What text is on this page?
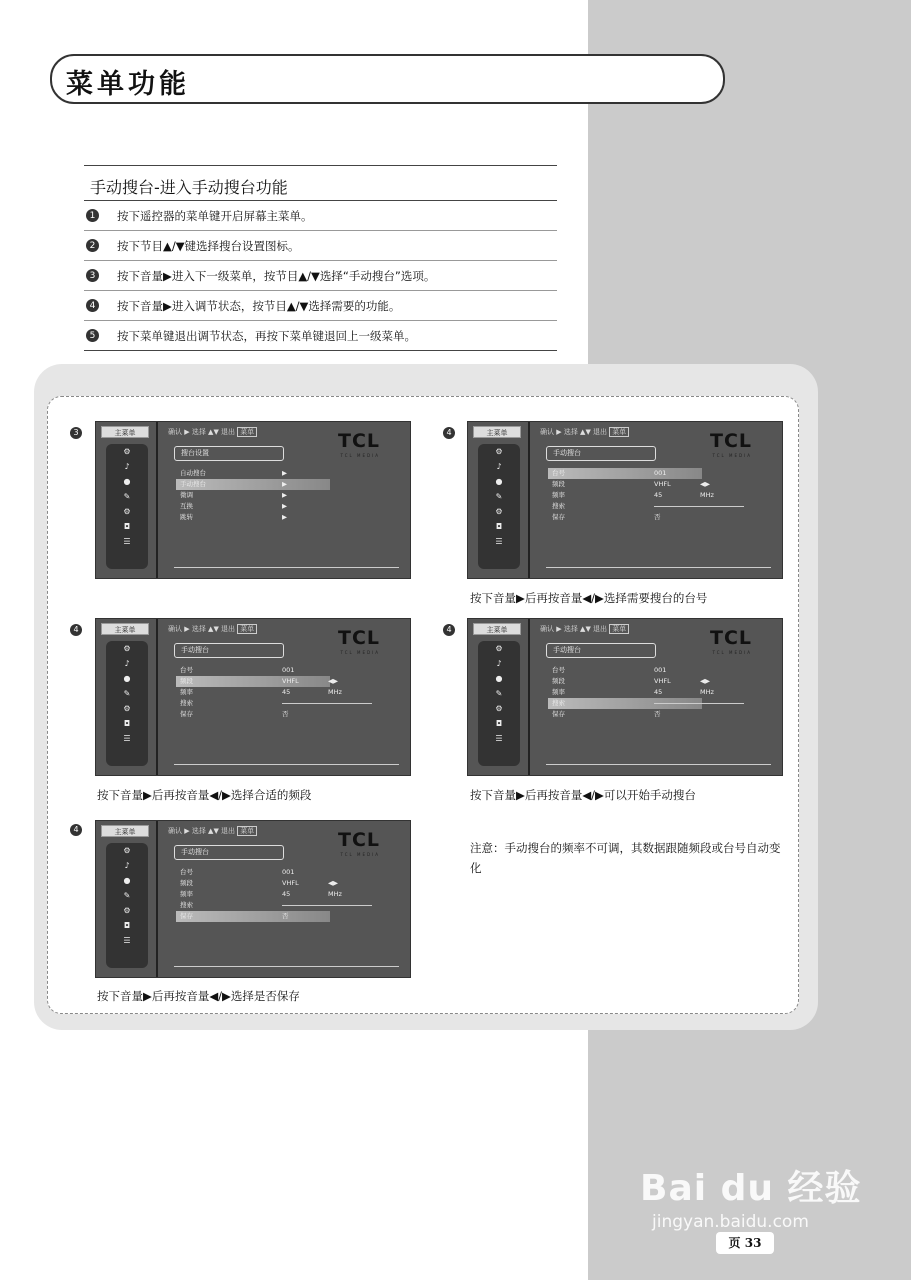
菜单功能
手动搜台-进入手动搜台功能
1	按下遥控器的菜单键开启屏幕主菜单。
2	按下节目▲/▼键选择搜台设置图标。
3	按下音量▶进入下一级菜单，按节目▲/▼选择“手动搜台”选项。
4	按下音量▶进入调节状态，按节目▲/▼选择需要的功能。
5	按下菜单键退出调节状态，再按下菜单键退回上一级菜单。
3	主菜单
⚙
♪
●
✎
⚙
◘
☰
确认 ▶ 选择 ▲▼ 退出 菜单	TCL
TCL MEDIA
搜台设置
自动搜台	▶
手动搜台	▶
微调	▶
互换	▶
跳转	▶
4	主菜单
⚙
♪
●
✎
⚙
◘
☰
确认 ▶ 选择 ▲▼ 退出 菜单	TCL
TCL MEDIA
手动搜台
台号	001
频段	VHFL	◀▶
频率	45	MHz
搜索
保存	否
按下音量▶后再按音量◀/▶选择需要搜台的台号
4	主菜单
⚙
♪
●
✎
⚙
◘
☰
确认 ▶ 选择 ▲▼ 退出 菜单	TCL
TCL MEDIA
手动搜台
台号	001
频段	VHFL	◀▶
频率	45	MHz
搜索
保存	否
按下音量▶后再按音量◀/▶选择合适的频段
4	主菜单
⚙
♪
●
✎
⚙
◘
☰
确认 ▶ 选择 ▲▼ 退出 菜单	TCL
TCL MEDIA
手动搜台
台号	001
频段	VHFL	◀▶
频率	45	MHz
搜索
保存	否
按下音量▶后再按音量◀/▶可以开始手动搜台
4	主菜单
⚙
♪
●
✎
⚙
◘
☰
确认 ▶ 选择 ▲▼ 退出 菜单	TCL
TCL MEDIA
手动搜台
台号	001
频段	VHFL	◀▶
频率	45	MHz
搜索
保存	否
按下音量▶后再按音量◀/▶选择是否保存
注意：手动搜台的频率不可调，其数据跟随频段或台号自动变化
Bai du 经验
jingyan.baidu.com
页 33
